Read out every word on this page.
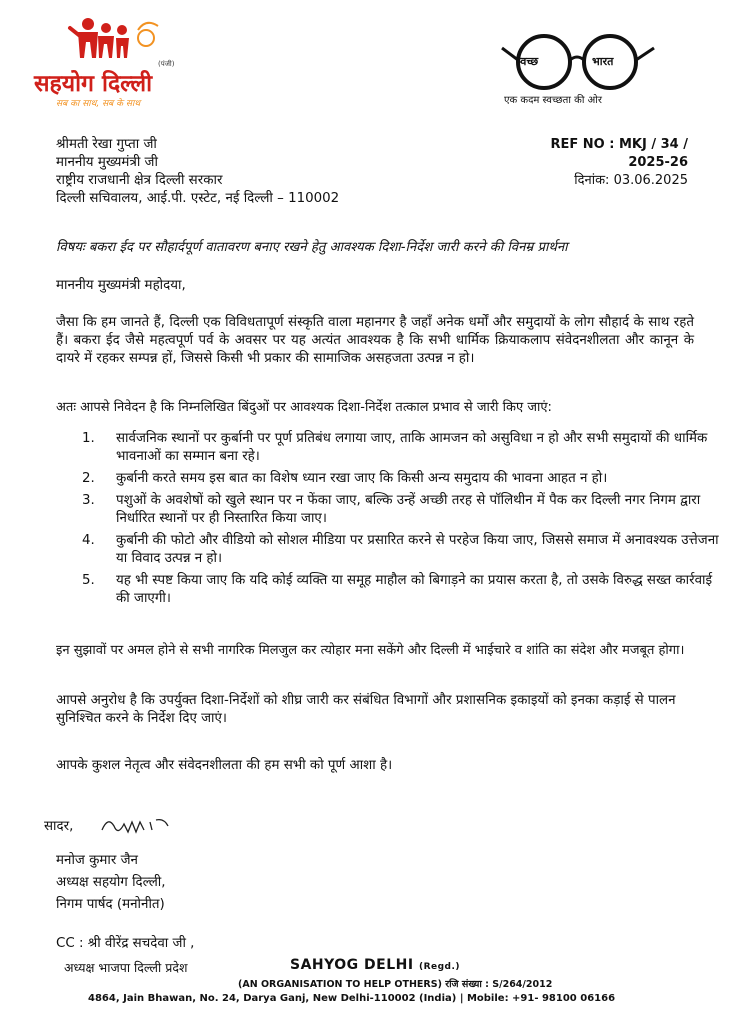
सहयोग दिल्ली
(पंजी)
सब का साथ, सब के साथ
स्वच्छ	भारत
एक कदम स्वच्छता की ओर
श्रीमती रेखा गुप्ता जी
माननीय मुख्यमंत्री जी
राष्ट्रीय राजधानी क्षेत्र दिल्ली सरकार
दिल्ली सचिवालय, आई.पी. एस्टेट, नई दिल्ली – 110002
REF NO : MKJ / 34 / 2025-26
दिनांक: 03.06.2025
विषयः बकरा ईद पर सौहार्दपूर्ण वातावरण बनाए रखने हेतु आवश्यक दिशा-निर्देश जारी करने की विनम्र प्रार्थना
माननीय मुख्यमंत्री महोदया,
जैसा कि हम जानते हैं, दिल्ली एक विविधतापूर्ण संस्कृति वाला महानगर है जहाँ अनेक धर्मों और समुदायों के लोग सौहार्द के साथ रहते हैं। बकरा ईद जैसे महत्वपूर्ण पर्व के अवसर पर यह अत्यंत आवश्यक है कि सभी धार्मिक क्रियाकलाप संवेदनशीलता और कानून के दायरे में रहकर सम्पन्न हों, जिससे किसी भी प्रकार की सामाजिक असहजता उत्पन्न न हो।
अतः आपसे निवेदन है कि निम्नलिखित बिंदुओं पर आवश्यक दिशा-निर्देश तत्काल प्रभाव से जारी किए जाएं:
1. सार्वजनिक स्थानों पर कुर्बानी पर पूर्ण प्रतिबंध लगाया जाए, ताकि आमजन को असुविधा न हो और सभी समुदायों की धार्मिक भावनाओं का सम्मान बना रहे।
2. कुर्बानी करते समय इस बात का विशेष ध्यान रखा जाए कि किसी अन्य समुदाय की भावना आहत न हो।
3. पशुओं के अवशेषों को खुले स्थान पर न फेंका जाए, बल्कि उन्हें अच्छी तरह से पॉलिथीन में पैक कर दिल्ली नगर निगम द्वारा निर्धारित स्थानों पर ही निस्तारित किया जाए।
4. कुर्बानी की फोटो और वीडियो को सोशल मीडिया पर प्रसारित करने से परहेज किया जाए, जिससे समाज में अनावश्यक उत्तेजना या विवाद उत्पन्न न हो।
5. यह भी स्पष्ट किया जाए कि यदि कोई व्यक्ति या समूह माहौल को बिगाड़ने का प्रयास करता है, तो उसके विरुद्ध सख्त कार्रवाई की जाएगी।
इन सुझावों पर अमल होने से सभी नागरिक मिलजुल कर त्योहार मना सकेंगे और दिल्ली में भाईचारे व शांति का संदेश और मजबूत होगा।
आपसे अनुरोध है कि उपर्युक्त दिशा-निर्देशों को शीघ्र जारी कर संबंधित विभागों और प्रशासनिक इकाइयों को इनका कड़ाई से पालन सुनिश्चित करने के निर्देश दिए जाएं।
आपके कुशल नेतृत्व और संवेदनशीलता की हम सभी को पूर्ण आशा है।
सादर,
मनोज कुमार जैन
अध्यक्ष सहयोग दिल्ली,
निगम पार्षद (मनोनीत)
CC : श्री वीरेंद्र सचदेवा जी ,
अध्यक्ष भाजपा दिल्ली प्रदेश	SAHYOG DELHI (Regd.)
(AN ORGANISATION TO HELP OTHERS) रजि संख्या : S/264/2012
4864, Jain Bhawan, No. 24, Darya Ganj, New Delhi-110002 (India) | Mobile: +91- 98100 06166
